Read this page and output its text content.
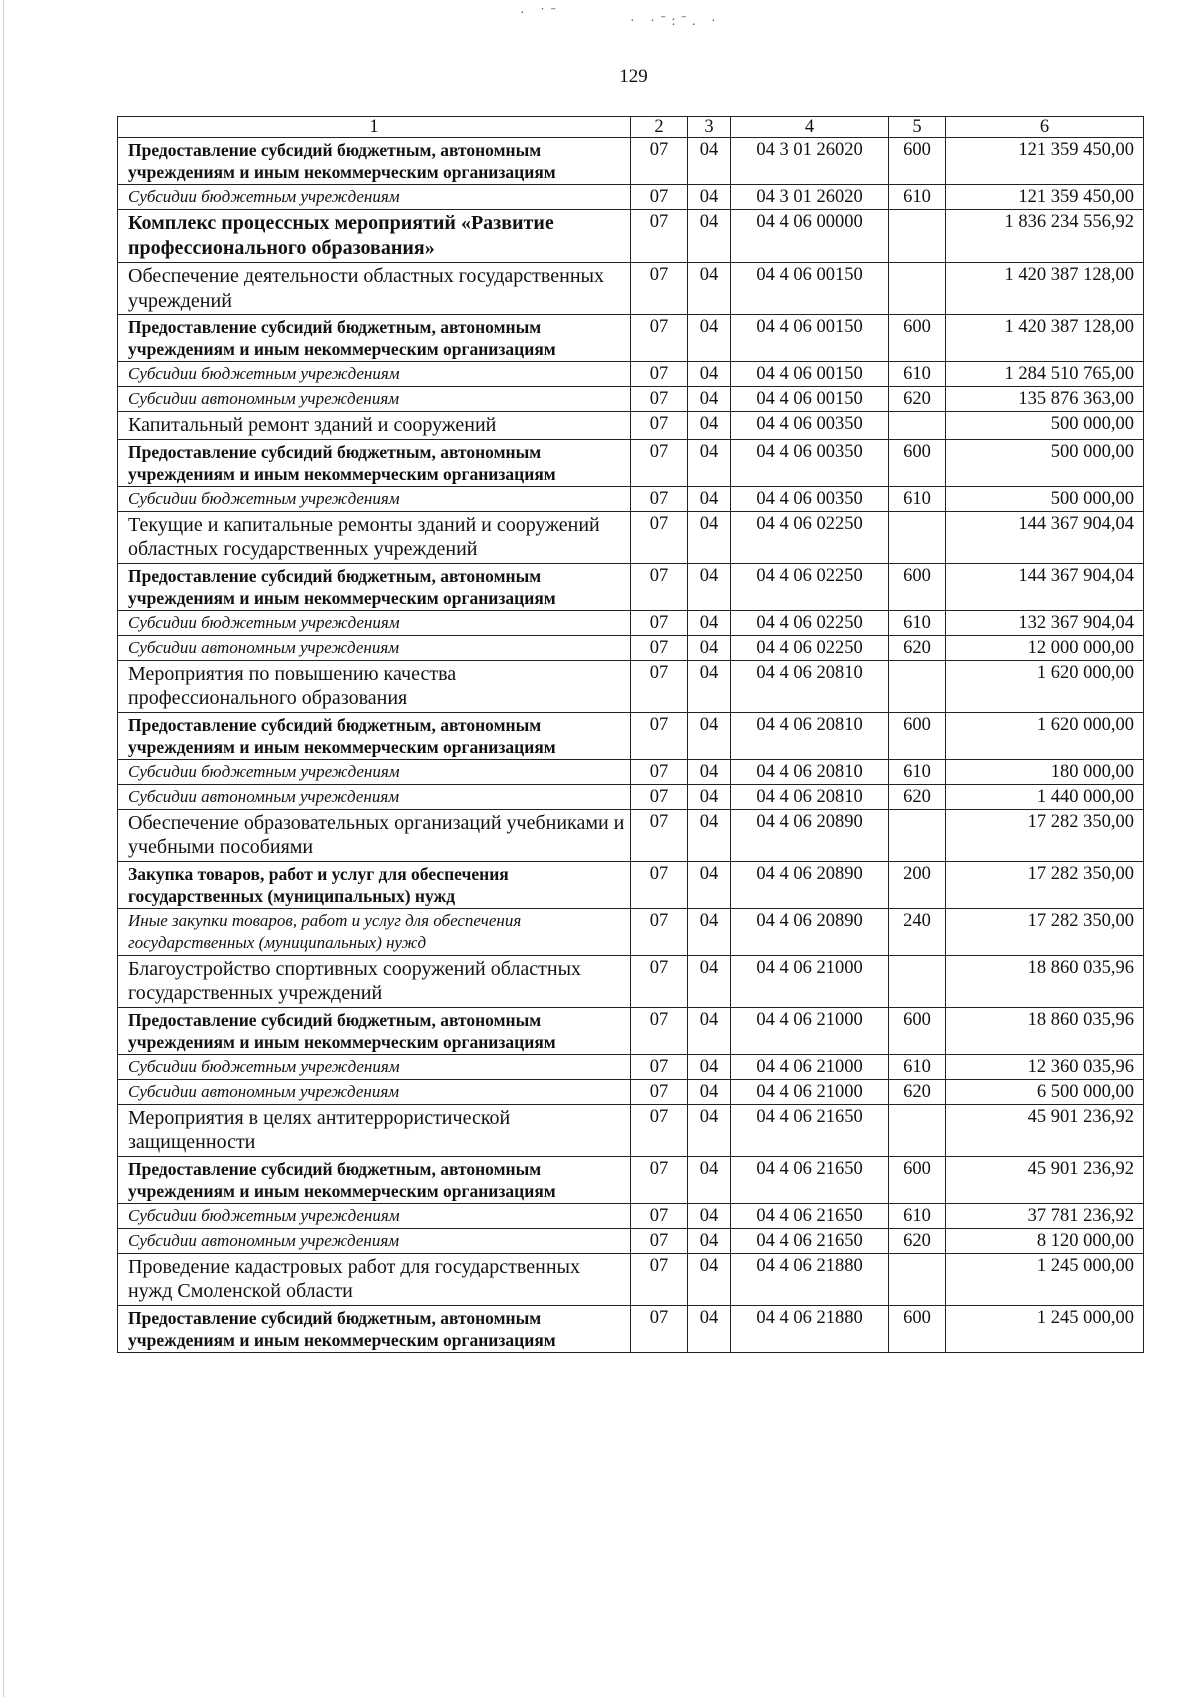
· ˙ˉ
· ·ˉ:ˉ. ·
129
1	2	3	4	5	6
Предоставление субсидий бюджетным, автономным учреждениям и иным некоммерческим организациям	07	04	04 3 01 26020	600	121 359 450,00
Субсидии бюджетным учреждениям	07	04	04 3 01 26020	610	121 359 450,00
Комплекс процессных мероприятий «Развитие профессионального образования»	07	04	04 4 06 00000		1 836 234 556,92
Обеспечение деятельности областных государственных учреждений	07	04	04 4 06 00150		1 420 387 128,00
Предоставление субсидий бюджетным, автономным учреждениям и иным некоммерческим организациям	07	04	04 4 06 00150	600	1 420 387 128,00
Субсидии бюджетным учреждениям	07	04	04 4 06 00150	610	1 284 510 765,00
Субсидии автономным учреждениям	07	04	04 4 06 00150	620	135 876 363,00
Капитальный ремонт зданий и сооружений	07	04	04 4 06 00350		500 000,00
Предоставление субсидий бюджетным, автономным учреждениям и иным некоммерческим организациям	07	04	04 4 06 00350	600	500 000,00
Субсидии бюджетным учреждениям	07	04	04 4 06 00350	610	500 000,00
Текущие и капитальные ремонты зданий и сооружений областных государственных учреждений	07	04	04 4 06 02250		144 367 904,04
Предоставление субсидий бюджетным, автономным учреждениям и иным некоммерческим организациям	07	04	04 4 06 02250	600	144 367 904,04
Субсидии бюджетным учреждениям	07	04	04 4 06 02250	610	132 367 904,04
Субсидии автономным учреждениям	07	04	04 4 06 02250	620	12 000 000,00
Мероприятия по повышению качества профессионального образования	07	04	04 4 06 20810		1 620 000,00
Предоставление субсидий бюджетным, автономным учреждениям и иным некоммерческим организациям	07	04	04 4 06 20810	600	1 620 000,00
Субсидии бюджетным учреждениям	07	04	04 4 06 20810	610	180 000,00
Субсидии автономным учреждениям	07	04	04 4 06 20810	620	1 440 000,00
Обеспечение образовательных организаций учебниками и учебными пособиями	07	04	04 4 06 20890		17 282 350,00
Закупка товаров, работ и услуг для обеспечения государственных (муниципальных) нужд	07	04	04 4 06 20890	200	17 282 350,00
Иные закупки товаров, работ и услуг для обеспечения государственных (муниципальных) нужд	07	04	04 4 06 20890	240	17 282 350,00
Благоустройство спортивных сооружений областных государственных учреждений	07	04	04 4 06 21000		18 860 035,96
Предоставление субсидий бюджетным, автономным учреждениям и иным некоммерческим организациям	07	04	04 4 06 21000	600	18 860 035,96
Субсидии бюджетным учреждениям	07	04	04 4 06 21000	610	12 360 035,96
Субсидии автономным учреждениям	07	04	04 4 06 21000	620	6 500 000,00
Мероприятия в целях антитеррористической защищенности	07	04	04 4 06 21650		45 901 236,92
Предоставление субсидий бюджетным, автономным учреждениям и иным некоммерческим организациям	07	04	04 4 06 21650	600	45 901 236,92
Субсидии бюджетным учреждениям	07	04	04 4 06 21650	610	37 781 236,92
Субсидии автономным учреждениям	07	04	04 4 06 21650	620	8 120 000,00
Проведение кадастровых работ для государственных нужд Смоленской области	07	04	04 4 06 21880		1 245 000,00
Предоставление субсидий бюджетным, автономным учреждениям и иным некоммерческим организациям	07	04	04 4 06 21880	600	1 245 000,00
